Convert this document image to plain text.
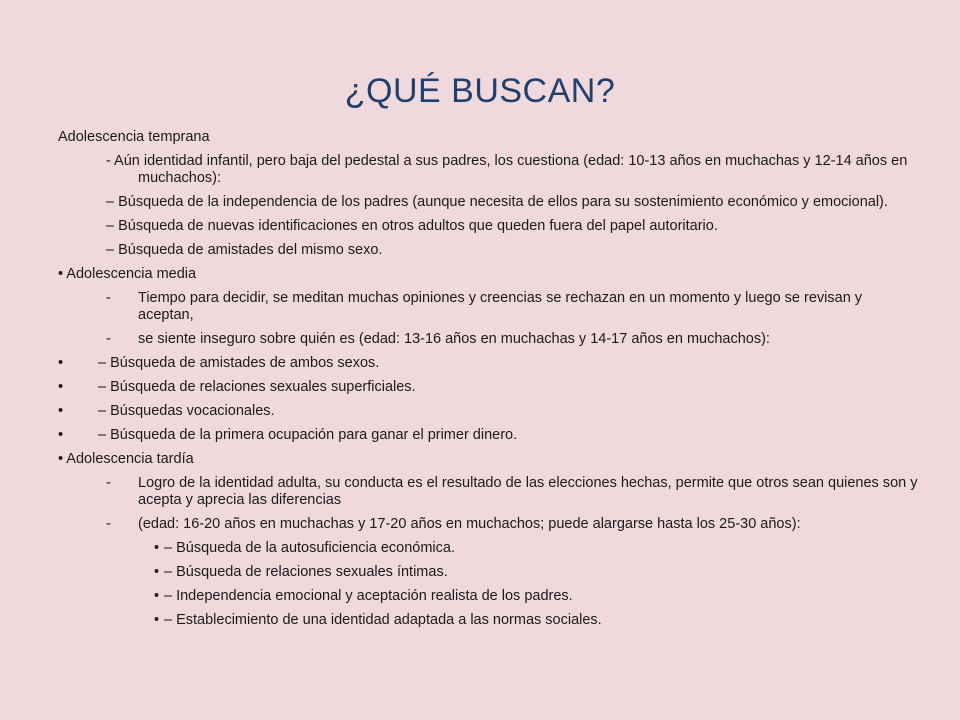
¿QUÉ BUSCAN?

Adolescencia temprana

- Aún identidad infantil, pero baja del pedestal a sus padres, los cuestiona (edad: 10-13 años en muchachas y 12-14 años en muchachos):

– Búsqueda de la independencia de los padres (aunque necesita de ellos para su sostenimiento económico y emocional).

– Búsqueda de nuevas identificaciones en otros adultos que queden fuera del papel autoritario.

– Búsqueda de amistades del mismo sexo.

• Adolescencia media

- Tiempo para decidir, se meditan muchas opiniones y creencias se rechazan en un momento y luego se revisan y aceptan,

- se siente inseguro sobre quién es (edad: 13-16 años en muchachas y 14-17 años en muchachos):

• – Búsqueda de amistades de ambos sexos.

• – Búsqueda de relaciones sexuales superficiales.

• – Búsquedas vocacionales.

• – Búsqueda de la primera ocupación para ganar el primer dinero.

• Adolescencia tardía

- Logro de la identidad adulta, su conducta es el resultado de las elecciones hechas, permite que otros sean quienes son y acepta y aprecia las diferencias

- (edad: 16-20 años en muchachas y 17-20 años en muchachos; puede alargarse hasta los 25-30 años):

• – Búsqueda de la autosuficiencia económica.

• – Búsqueda de relaciones sexuales íntimas.

• – Independencia emocional y aceptación realista de los padres.

• – Establecimiento de una identidad adaptada a las normas sociales.
